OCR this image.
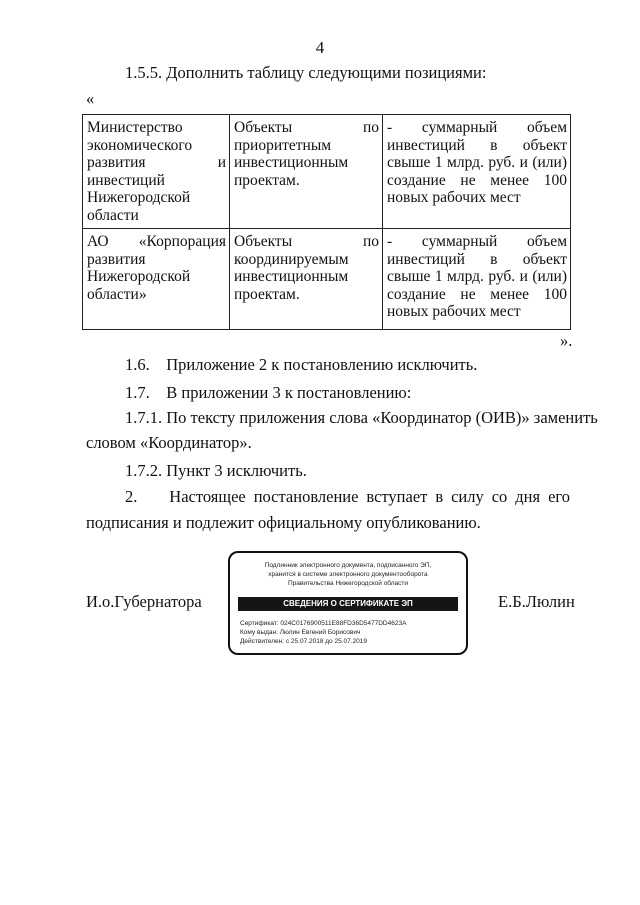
4
1.5.5. Дополнить таблицу следующими позициями:
«
Министерство экономического развития и инвестиций Нижегородской области	Объекты по приоритетным инвестиционным проектам.	- суммарный объем инвестиций в объект свыше 1 млрд. руб. и (или) создание не менее 100 новых рабочих мест

АО «Корпорация развития Нижегородской области»	Объекты по координируемым инвестиционным проектам.	- суммарный объем инвестиций в объект свыше 1 млрд. руб. и (или) создание не менее 100 новых рабочих мест
».
1.6.    Приложение 2 к постановлению исключить.
1.7.    В приложении 3 к постановлению:
1.7.1. По тексту приложения слова «Координатор (ОИВ)» заменить
словом «Координатор».
1.7.2. Пункт 3 исключить.
2.    Настоящее постановление вступает в силу со дня его
подписания и подлежит официальному опубликованию.
И.о.Губернатора	Е.Б.Люлин
Подлинник электронного документа, подписанного ЭП,
хранится в системе электронного документооборота
Правительства Нижегородской области
СВЕДЕНИЯ О СЕРТИФИКАТЕ ЭП
Сертификат: 024C0176900511E88FD36D5477DD4623A
Кому выдан: Люлин Евгений Борисович
Действителен: с 25.07.2018 до 25.07.2019
